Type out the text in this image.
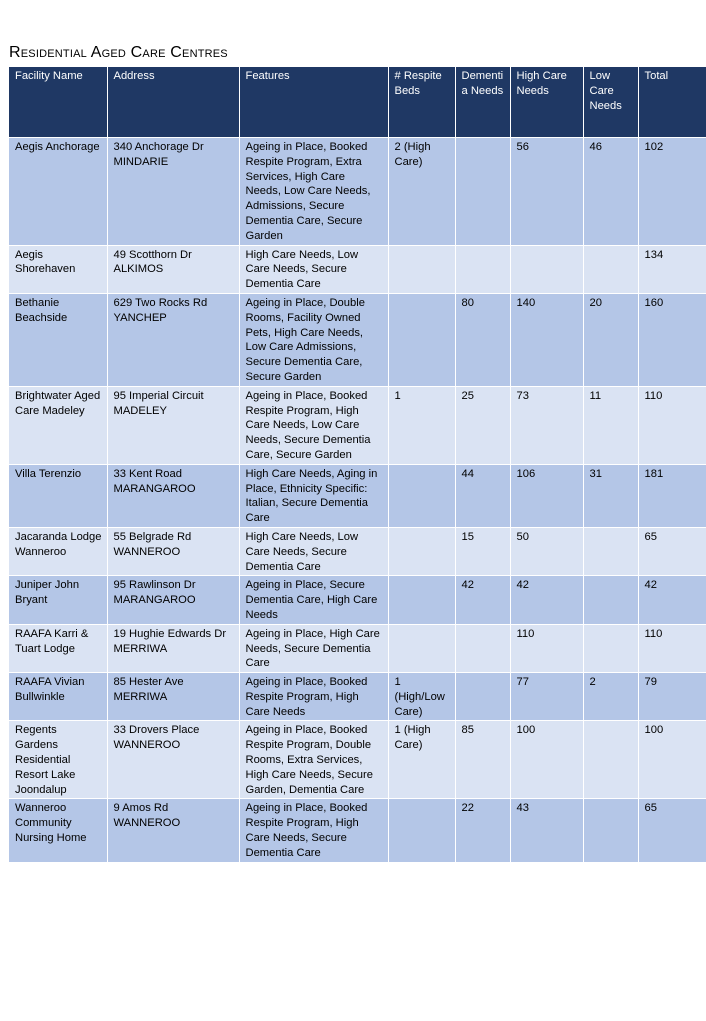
Residential Aged Care Centres
Facility Name	Address	Features	# Respite Beds	Dementi a Needs	High Care Needs	Low Care Needs	Total
Aegis Anchorage	340 Anchorage Dr MINDARIE	Ageing in Place, Booked Respite Program, Extra Services, High Care Needs, Low Care Needs, Admissions, Secure Dementia Care, Secure Garden	2 (High Care)		56	46	102
Aegis Shorehaven	49 Scotthorn Dr ALKIMOS	High Care Needs, Low Care Needs, Secure Dementia Care					134
Bethanie Beachside	629 Two Rocks Rd YANCHEP	Ageing in Place, Double Rooms, Facility Owned Pets, High Care Needs, Low Care Admissions, Secure Dementia Care, Secure Garden		80	140	20	160
Brightwater Aged Care Madeley	95 Imperial Circuit MADELEY	Ageing in Place, Booked Respite Program, High Care Needs, Low Care Needs, Secure Dementia Care, Secure Garden	1	25	73	11	110
Villa Terenzio	33 Kent Road MARANGAROO	High Care Needs, Aging in Place, Ethnicity Specific: Italian, Secure Dementia Care		44	106	31	181
Jacaranda Lodge Wanneroo	55 Belgrade Rd WANNEROO	High Care Needs, Low Care Needs, Secure Dementia Care		15	50		65
Juniper John Bryant	95 Rawlinson Dr MARANGAROO	Ageing in Place, Secure Dementia Care, High Care Needs		42	42		42
RAAFA Karri & Tuart Lodge	19 Hughie Edwards Dr MERRIWA	Ageing in Place, High Care Needs, Secure Dementia Care			110		110
RAAFA Vivian Bullwinkle	85 Hester Ave MERRIWA	Ageing in Place, Booked Respite Program, High Care Needs	1 (High/Low Care)		77	2	79
Regents Gardens Residential Resort Lake Joondalup	33 Drovers Place WANNEROO	Ageing in Place, Booked Respite Program, Double Rooms, Extra Services, High Care Needs, Secure Garden, Dementia Care	1 (High Care)	85	100		100
Wanneroo Community Nursing Home	9 Amos Rd WANNEROO	Ageing in Place, Booked Respite Program, High Care Needs, Secure Dementia Care		22	43		65
